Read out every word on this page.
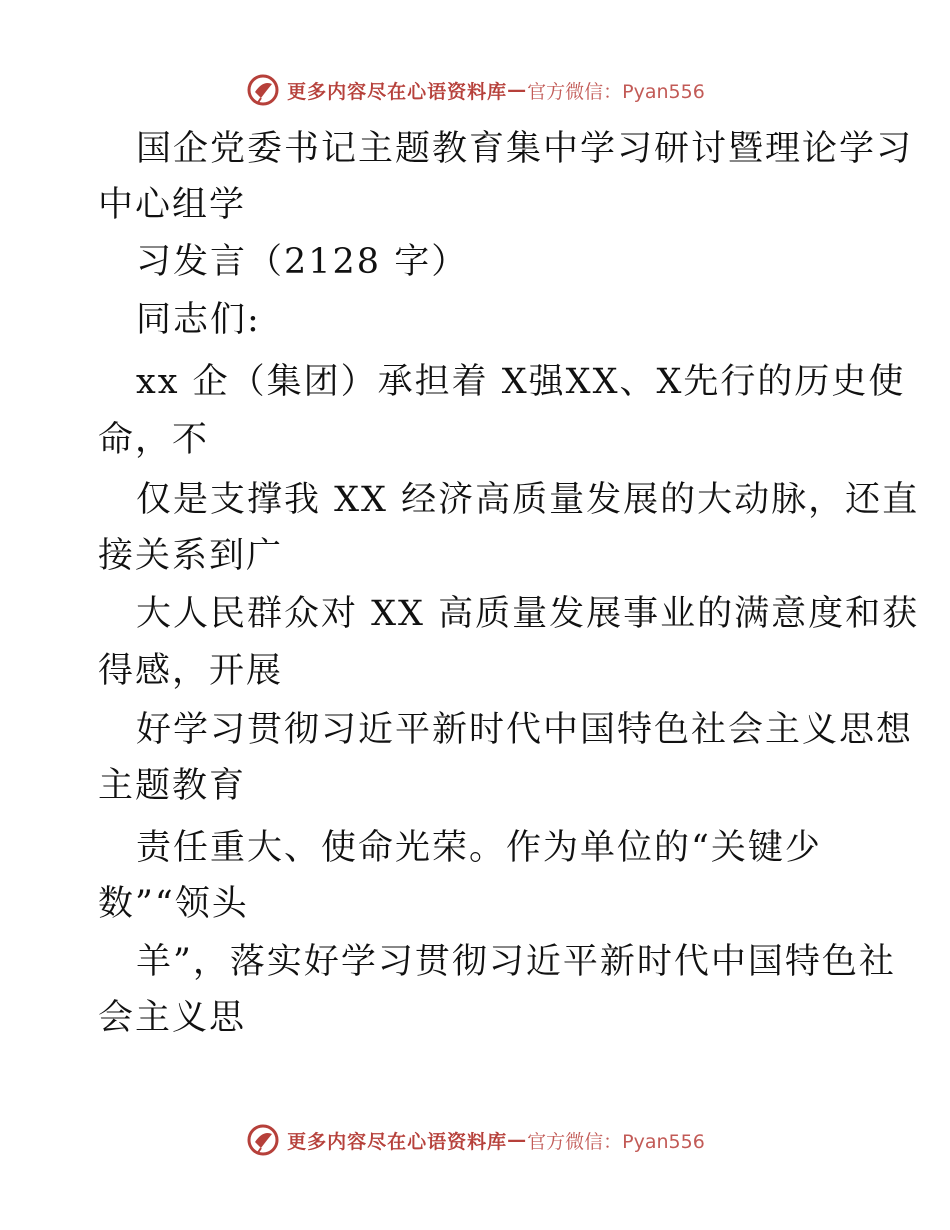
更多内容尽在心语资料库 — 官方微信：Pyan556
国企党委书记主题教育集中学习研讨暨理论学习
中心组学
习发言（2128 字）
同志们:
xx 企（集团）承担着 X强XX、X先行的历史使
命，不
仅是支撑我 XX 经济高质量发展的大动脉，还直
接关系到广
大人民群众对 XX 高质量发展事业的满意度和获
得感，开展
好学习贯彻习近平新时代中国特色社会主义思想
主题教育
责任重大、使命光荣。作为单位的“关键少
数”“领头
羊”，落实好学习贯彻习近平新时代中国特色社
会主义思
更多内容尽在心语资料库 — 官方微信：Pyan556
